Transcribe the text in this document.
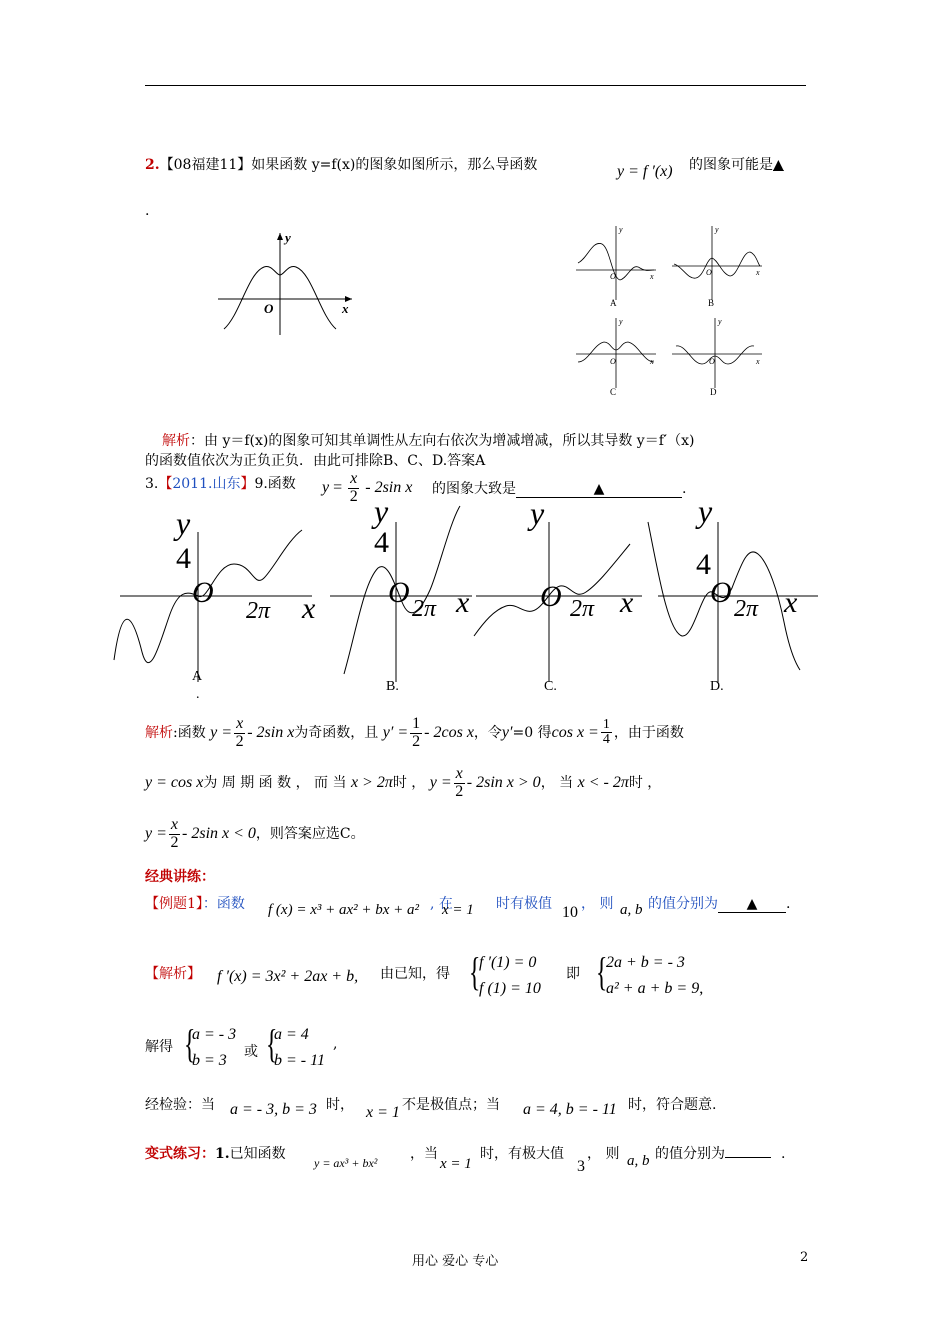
2.【08福建11】如果函数 y=f(x)的图象如图所示，那么导函数	y = f ′(x) 的图象可能是▲
.
y
O	x
y
O	x
A
y
O	x
B
y
O	x
C
y
O	x
D
解析：由 y＝f(x)的图象可知其单调性从左向右依次为增减增减，所以其导数 y＝f′（x)
的函数值依次为正负正负．由此可排除B、C、D.答案A
3.【2011.山东】9.函数 $y = \frac{x}{2} - 2\sin$ x 的图象大致是	▲	.
y
4
O
2π x
A
.
y
4
O 2π x
B.
y
O 2π x
C.
y
4
O 2π x
D.
解析:函数 $y = \frac{x}{2} - 2\sin$ x为奇函数，且 $y' = \frac{1}{2} - 2\cos$ x，令y′=0 得$\cos x = \frac{1}{4}$ ，由于函数
y = cos x为 周 期 函 数 ， 而 当 x > 2π时 ， $y = \frac{x}{2} - 2\sin$ x > 0， 当 x < - 2π时 ，
$y = \frac{x}{2} - 2\sin$ x < 0，则答案应选C。
经典讲练：
【例题1】：函数 f (x) = x³ + ax² + bx + a² , 在
x = 1 时有极值 10 ， 则 a, b 的值分别为 ▲ .
【解析】 f ′(x) = 3x² + 2ax + b, 由已知，得 {
f ′(1) = 0
f (1) = 10
即 {
2a + b = - 3
a² + a + b = 9,
解得 {
a = - 3
b = 3 或 {
a = 4
b = - 11
,
经检验：当 a = - 3, b = 3 时， x = 1 不是极值点；当 a = 4, b = - 11 时，符合题意.
变式练习：1.已知函数
y = ax³ + bx²
，当
x = 1
时，有极大值
3
， 则 a, b 的值分别为	.
用心 爱心 专心	2
